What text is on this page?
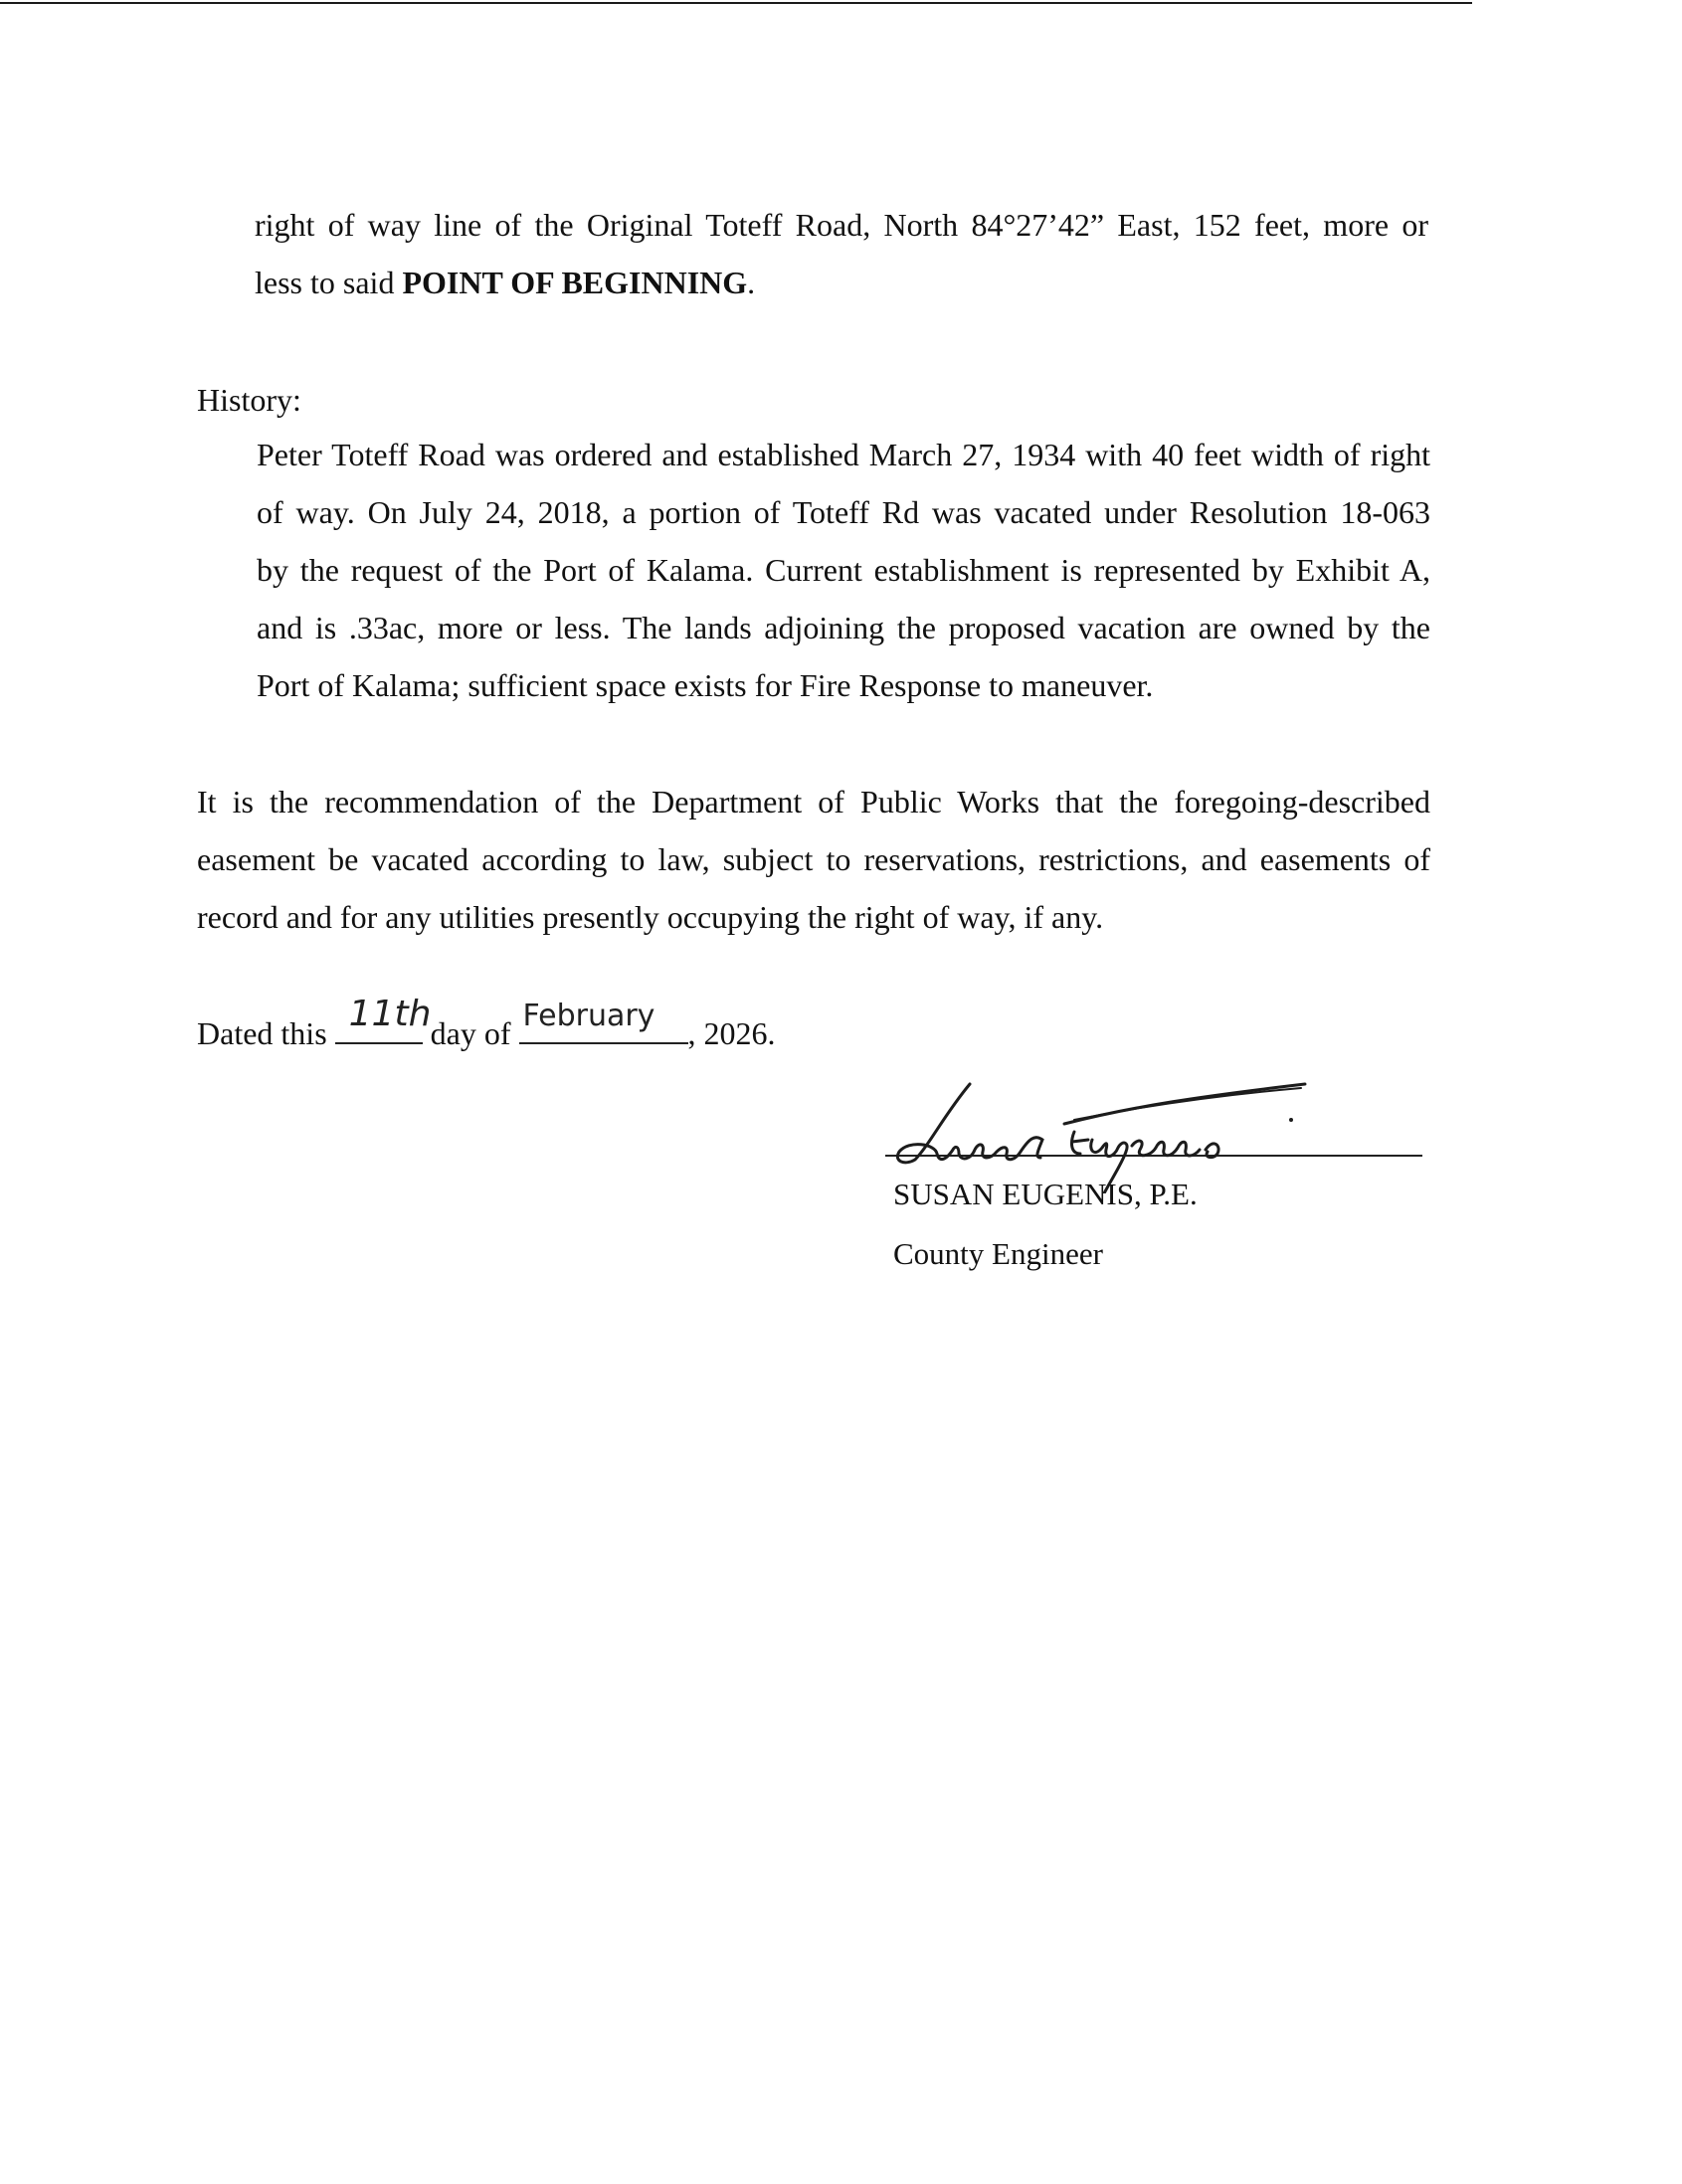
right of way line of the Original Toteff Road, North 84°27’42” East, 152 feet, more or
less to said POINT OF BEGINNING.
History:
Peter Toteff Road was ordered and established March 27, 1934 with 40 feet width of right
of way. On July 24, 2018, a portion of Toteff Rd was vacated under Resolution 18-063
by the request of the Port of Kalama. Current establishment is represented by Exhibit A,
and is .33ac, more or less. The lands adjoining the proposed vacation are owned by the
Port of Kalama; sufficient space exists for Fire Response to maneuver.
It is the recommendation of the Department of Public Works that the foregoing-described
easement be vacated according to law, subject to reservations, restrictions, and easements of
record and for any utilities presently occupying the right of way, if any.
Dated this 11th day of February , 2026.
SUSAN EUGENIS, P.E.
County Engineer
